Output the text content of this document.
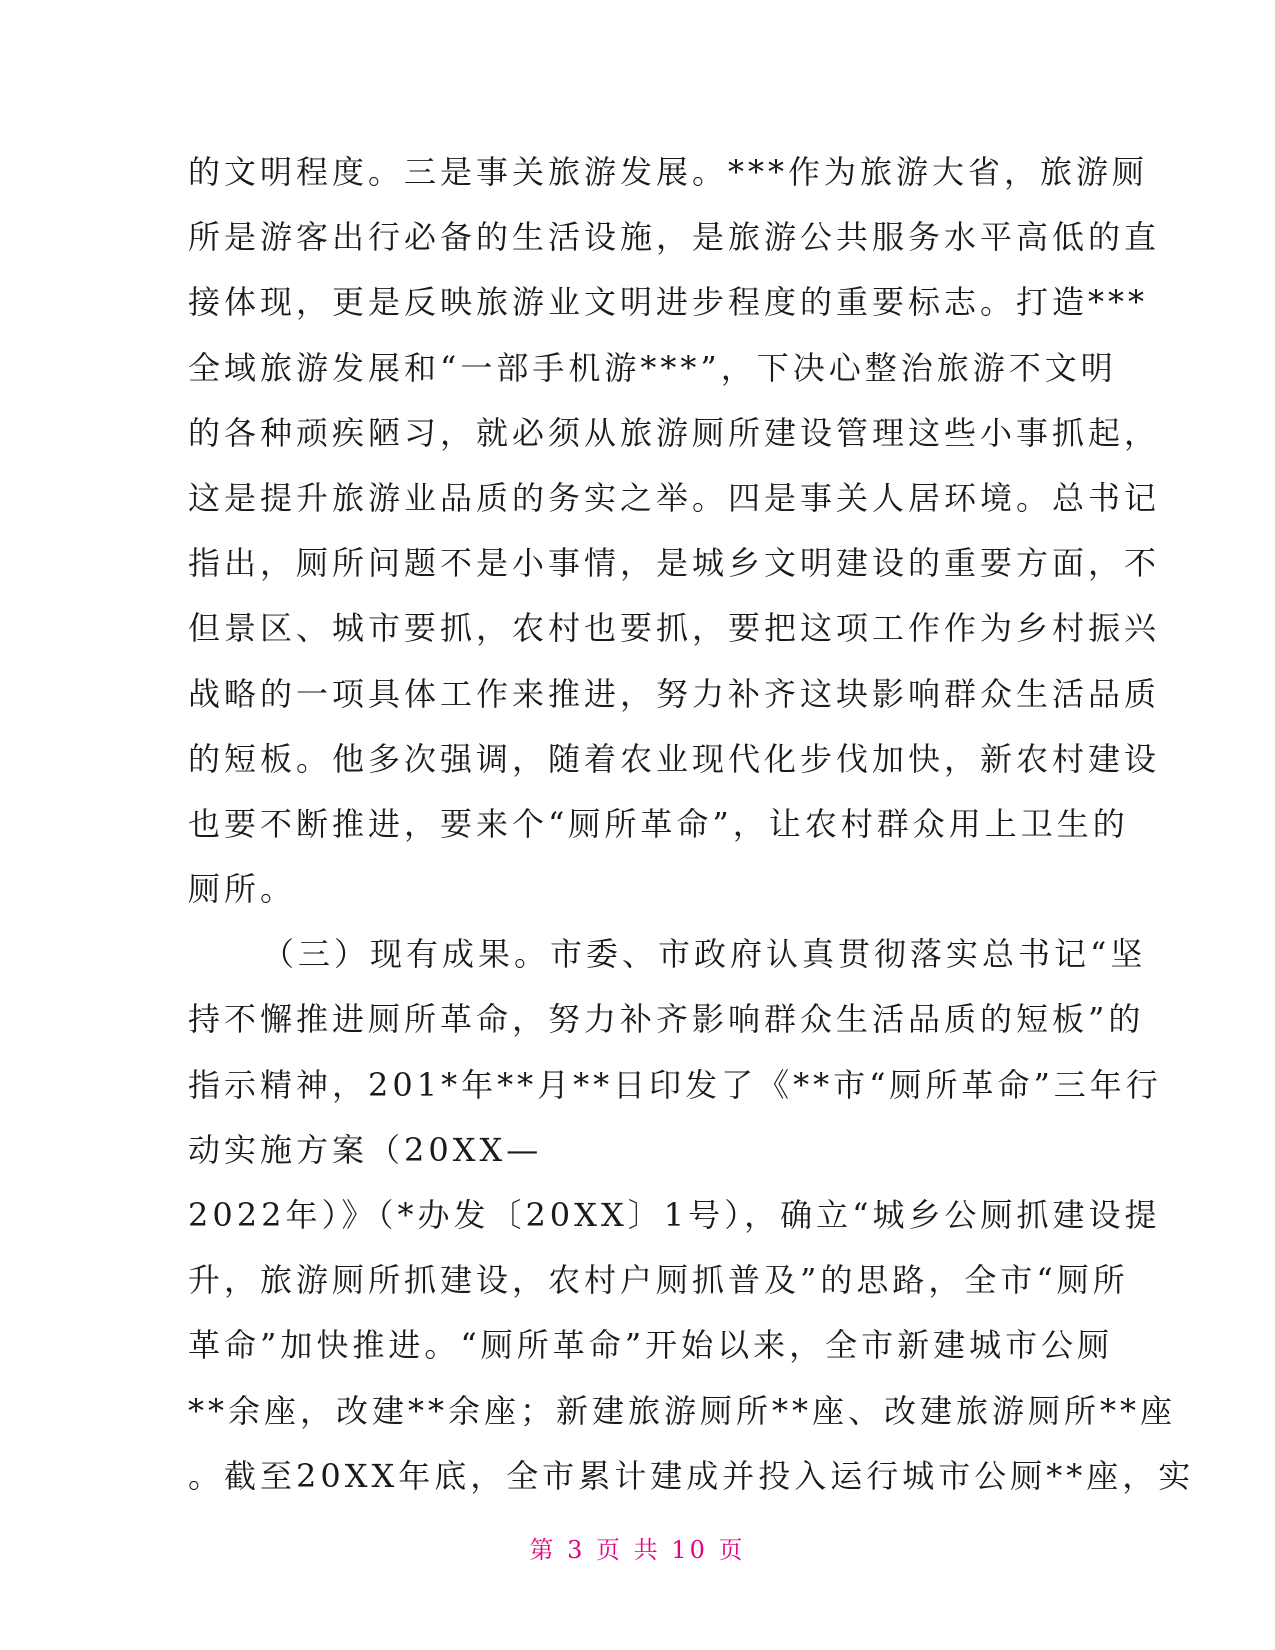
的文明程度。三是事关旅游发展。***作为旅游大省，旅游厕
所是游客出行必备的生活设施，是旅游公共服务水平高低的直
接体现，更是反映旅游业文明进步程度的重要标志。打造***
全域旅游发展和“一部手机游***”，下决心整治旅游不文明
的各种顽疾陋习，就必须从旅游厕所建设管理这些小事抓起，
这是提升旅游业品质的务实之举。四是事关人居环境。总书记
指出，厕所问题不是小事情，是城乡文明建设的重要方面，不
但景区、城市要抓，农村也要抓，要把这项工作作为乡村振兴
战略的一项具体工作来推进，努力补齐这块影响群众生活品质
的短板。他多次强调，随着农业现代化步伐加快，新农村建设
也要不断推进，要来个“厕所革命”，让农村群众用上卫生的
厕所。
（三）现有成果。市委、市政府认真贯彻落实总书记“坚
持不懈推进厕所革命，努力补齐影响群众生活品质的短板”的
指示精神，201*年**月**日印发了《**市“厕所革命”三年行
动实施方案（20XX—
2022年）》（*办发〔20XX〕1号），确立“城乡公厕抓建设提
升，旅游厕所抓建设，农村户厕抓普及”的思路，全市“厕所
革命”加快推进。“厕所革命”开始以来，全市新建城市公厕
**余座，改建**余座；新建旅游厕所**座、改建旅游厕所**座
。截至20XX年底，全市累计建成并投入运行城市公厕**座，实
第 3 页 共 10 页
